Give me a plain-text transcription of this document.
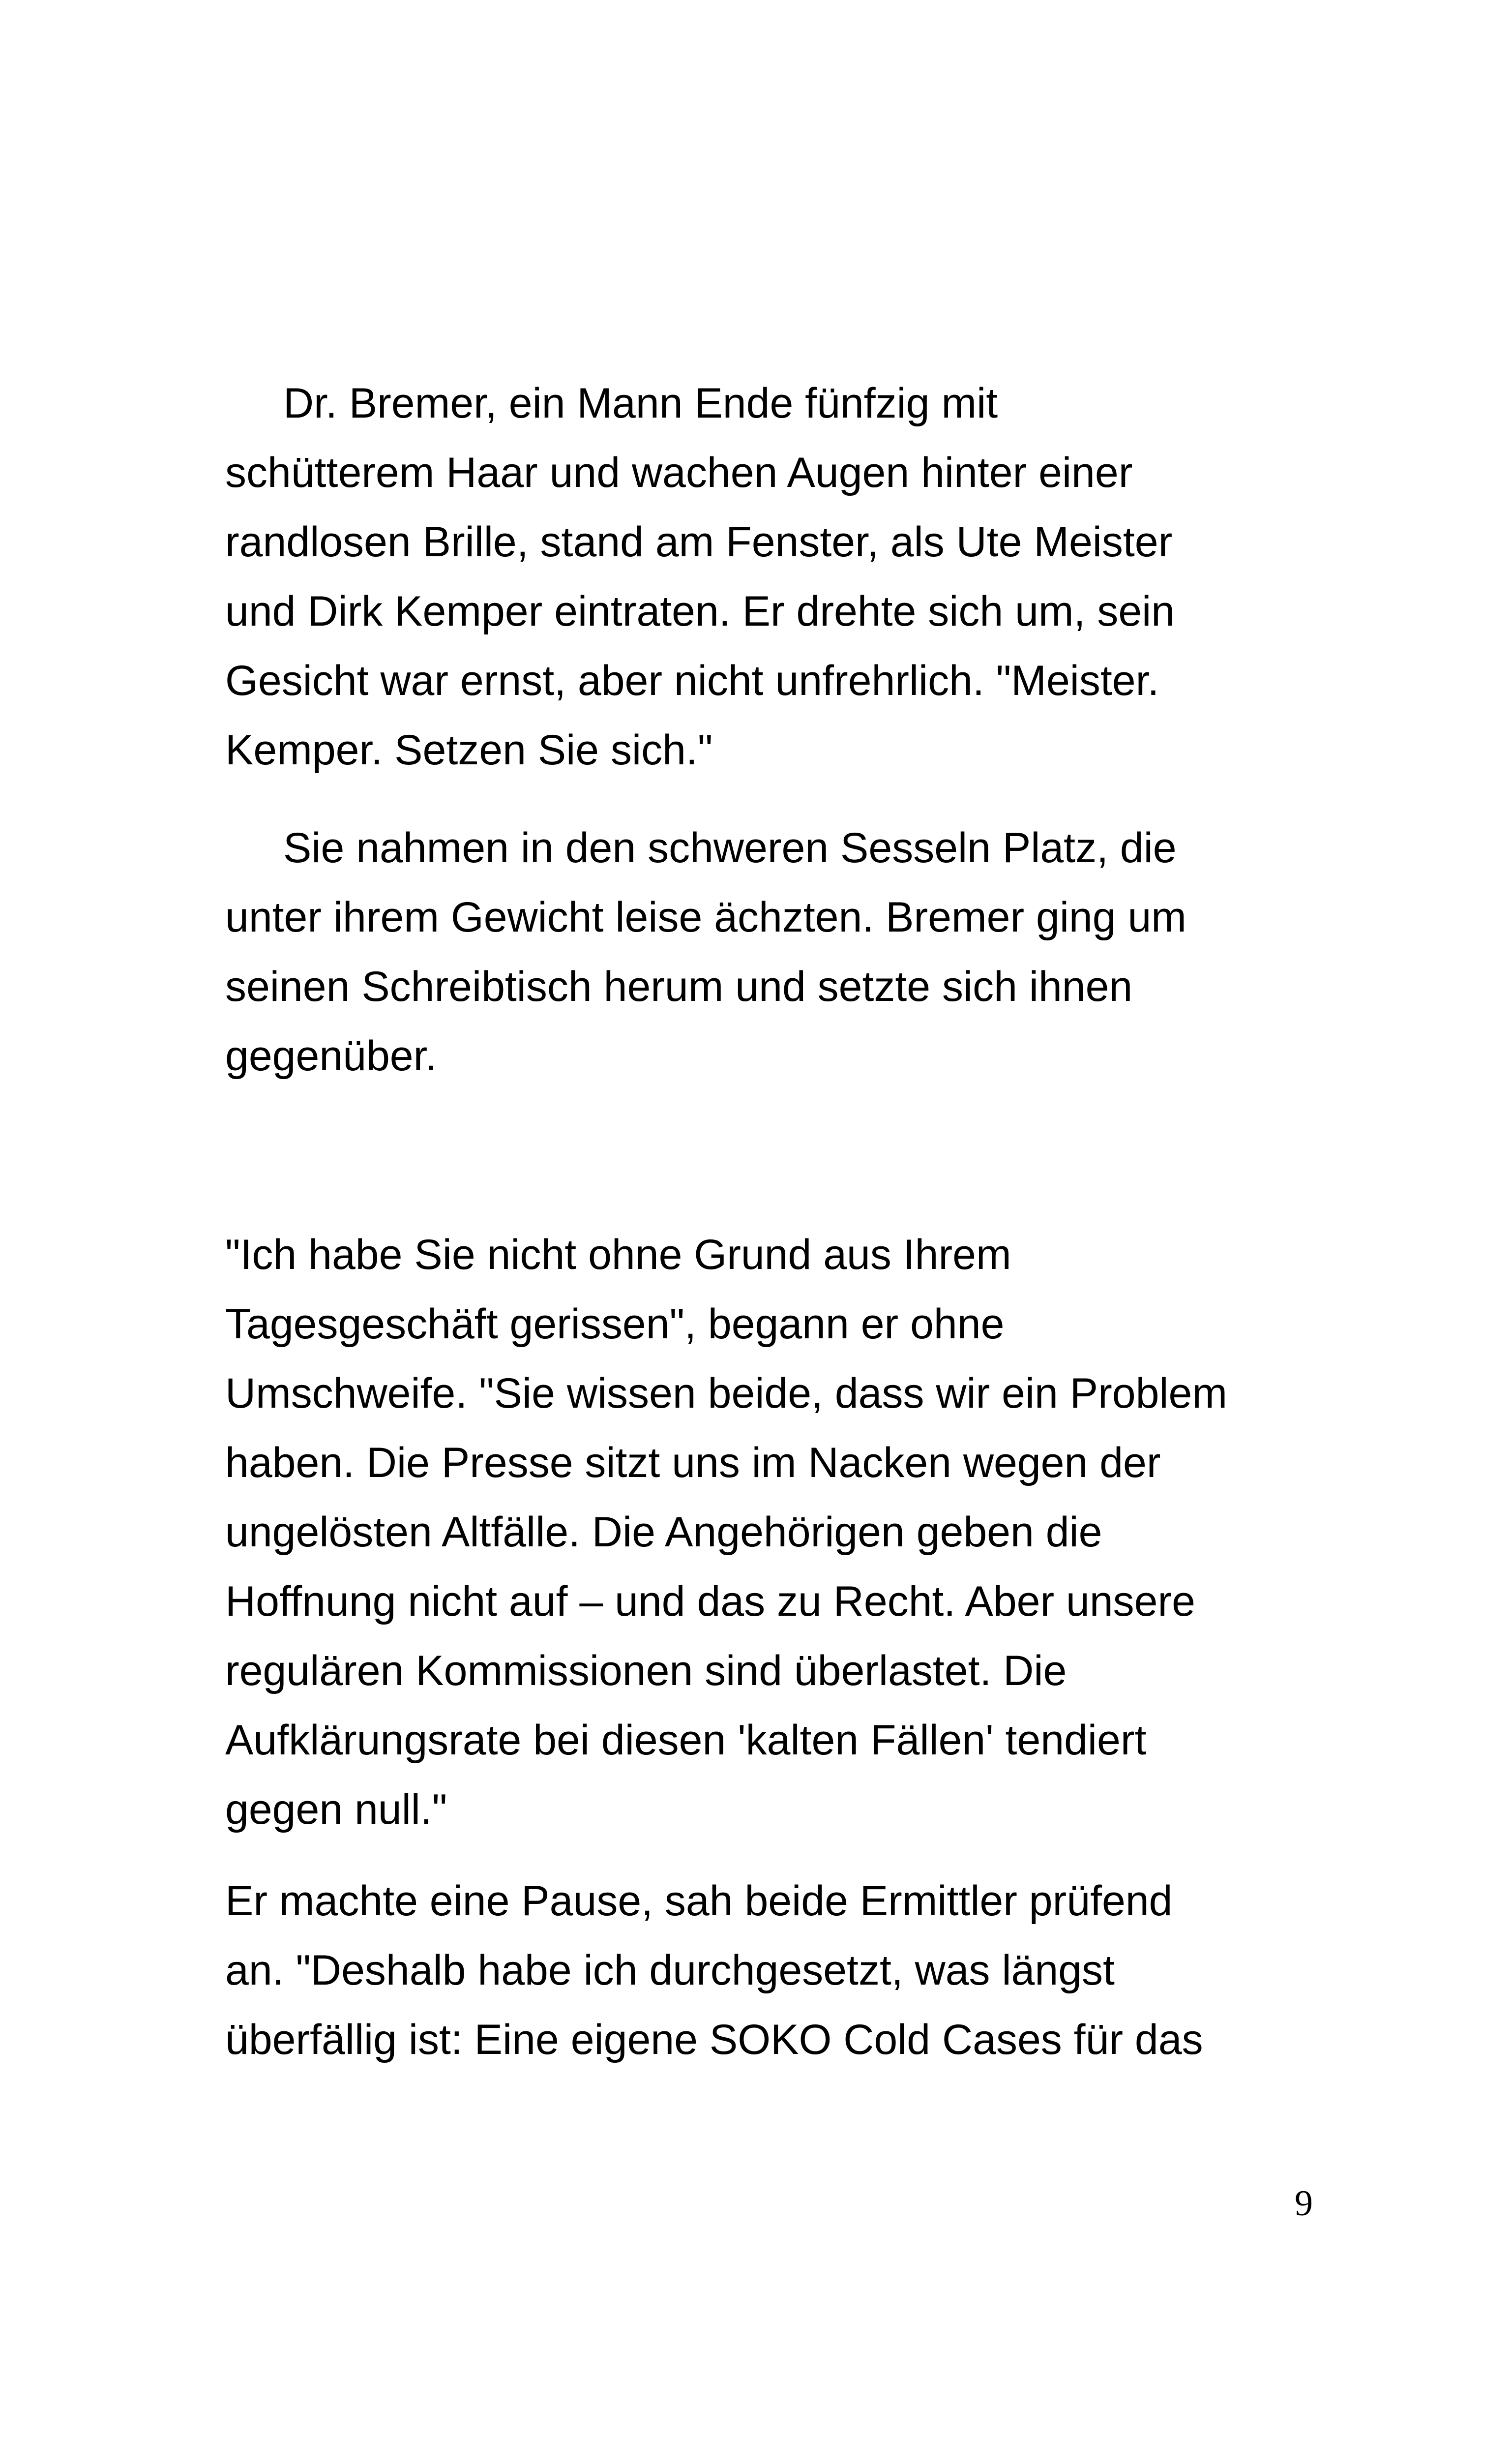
Dr. Bremer, ein Mann Ende fünfzig mit
schütterem Haar und wachen Augen hinter einer
randlosen Brille, stand am Fenster, als Ute Meister
und Dirk Kemper eintraten. Er drehte sich um, sein
Gesicht war ernst, aber nicht unfrehrlich. "Meister.
Kemper. Setzen Sie sich."
Sie nahmen in den schweren Sesseln Platz, die
unter ihrem Gewicht leise ächzten. Bremer ging um
seinen Schreibtisch herum und setzte sich ihnen
gegenüber.
"Ich habe Sie nicht ohne Grund aus Ihrem
Tagesgeschäft gerissen", begann er ohne
Umschweife. "Sie wissen beide, dass wir ein Problem
haben. Die Presse sitzt uns im Nacken wegen der
ungelösten Altfälle. Die Angehörigen geben die
Hoffnung nicht auf – und das zu Recht. Aber unsere
regulären Kommissionen sind überlastet. Die
Aufklärungsrate bei diesen 'kalten Fällen' tendiert
gegen null."
Er machte eine Pause, sah beide Ermittler prüfend
an. "Deshalb habe ich durchgesetzt, was längst
überfällig ist: Eine eigene SOKO Cold Cases für das
9
